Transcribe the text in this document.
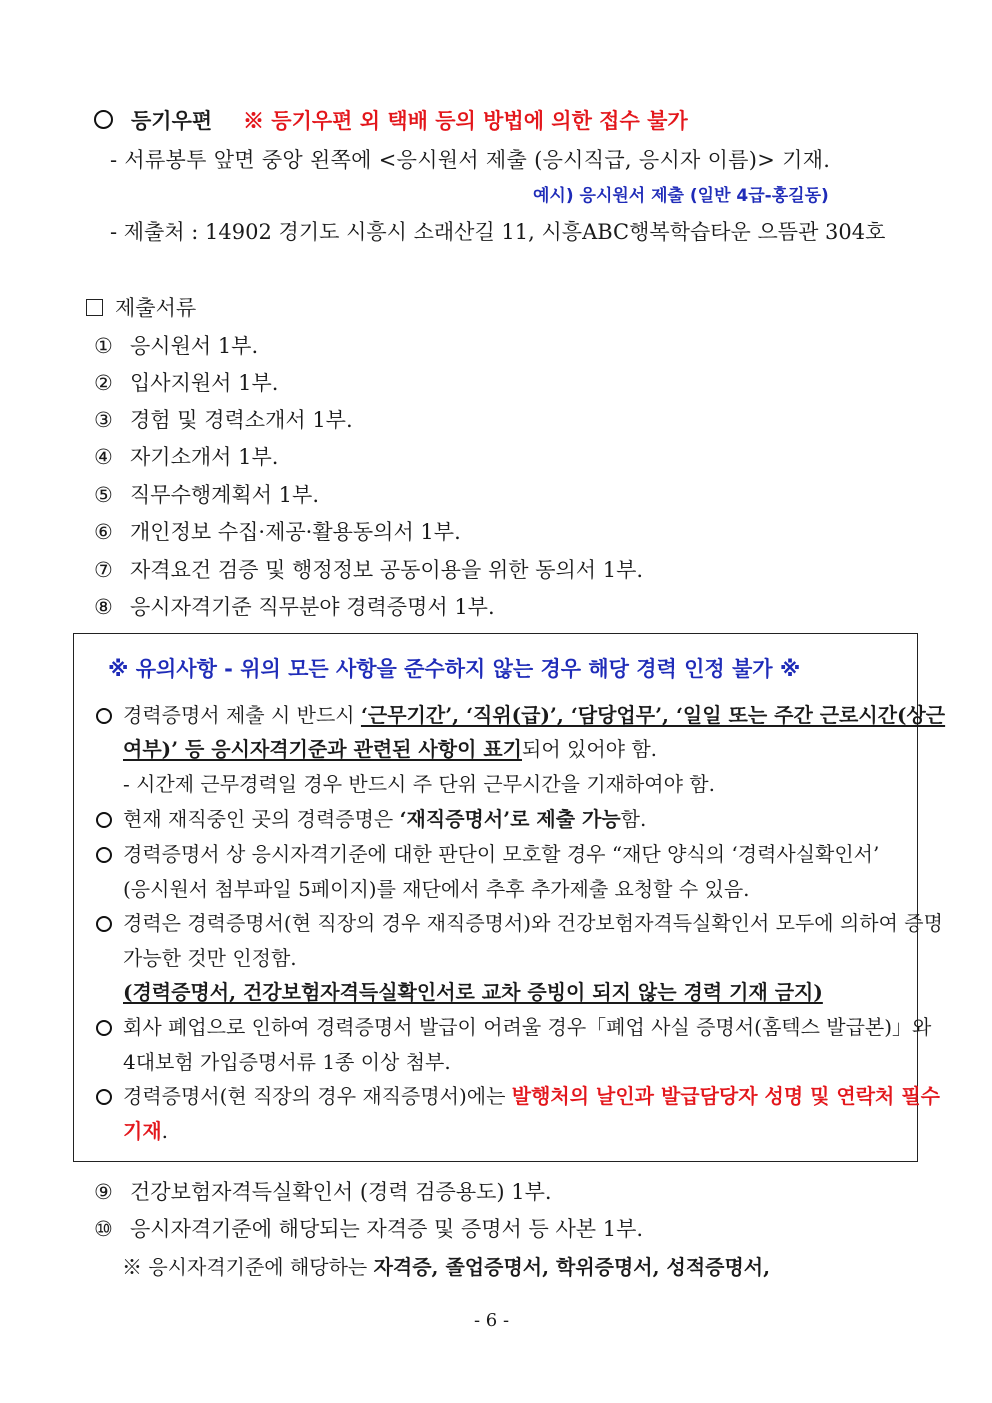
등기우편 ※ 등기우편 외 택배 등의 방법에 의한 접수 불가
- 서류봉투 앞면 중앙 왼쪽에 <응시원서 제출 (응시직급, 응시자 이름)> 기재.
예시) 응시원서 제출 (일반 4급-홍길동)
- 제출처 : 14902 경기도 시흥시 소래산길 11, 시흥ABC행복학습타운 으뜸관 304호
제출서류
① 응시원서 1부.
② 입사지원서 1부.
③ 경험 및 경력소개서 1부.
④ 자기소개서 1부.
⑤ 직무수행계획서 1부.
⑥ 개인정보 수집·제공·활용동의서 1부.
⑦ 자격요건 검증 및 행정정보 공동이용을 위한 동의서 1부.
⑧ 응시자격기준 직무분야 경력증명서 1부.
※ 유의사항 - 위의 모든 사항을 준수하지 않는 경우 해당 경력 인정 불가 ※
경력증명서 제출 시 반드시 ‘근무기간’, ‘직위(급)’, ‘담당업무’, ‘일일 또는 주간 근로시간(상근
여부)’ 등 응시자격기준과 관련된 사항이 표기되어 있어야 함.
- 시간제 근무경력일 경우 반드시 주 단위 근무시간을 기재하여야 함.
현재 재직중인 곳의 경력증명은 ‘재직증명서’로 제출 가능함.
경력증명서 상 응시자격기준에 대한 판단이 모호할 경우 “재단 양식의 ‘경력사실확인서’
(응시원서 첨부파일 5페이지)를 재단에서 추후 추가제출 요청할 수 있음.
경력은 경력증명서(현 직장의 경우 재직증명서)와 건강보험자격득실확인서 모두에 의하여 증명
가능한 것만 인정함.
(경력증명서, 건강보험자격득실확인서로 교차 증빙이 되지 않는 경력 기재 금지)
회사 폐업으로 인하여 경력증명서 발급이 어려울 경우「폐업 사실 증명서(홈텍스 발급본)」와
4대보험 가입증명서류 1종 이상 첨부.
경력증명서(현 직장의 경우 재직증명서)에는 발행처의 날인과 발급담당자 성명 및 연락처 필수
기재.
⑨ 건강보험자격득실확인서 (경력 검증용도) 1부.
⑩ 응시자격기준에 해당되는 자격증 및 증명서 등 사본 1부.
※ 응시자격기준에 해당하는 자격증, 졸업증명서, 학위증명서, 성적증명서,
- 6 -
